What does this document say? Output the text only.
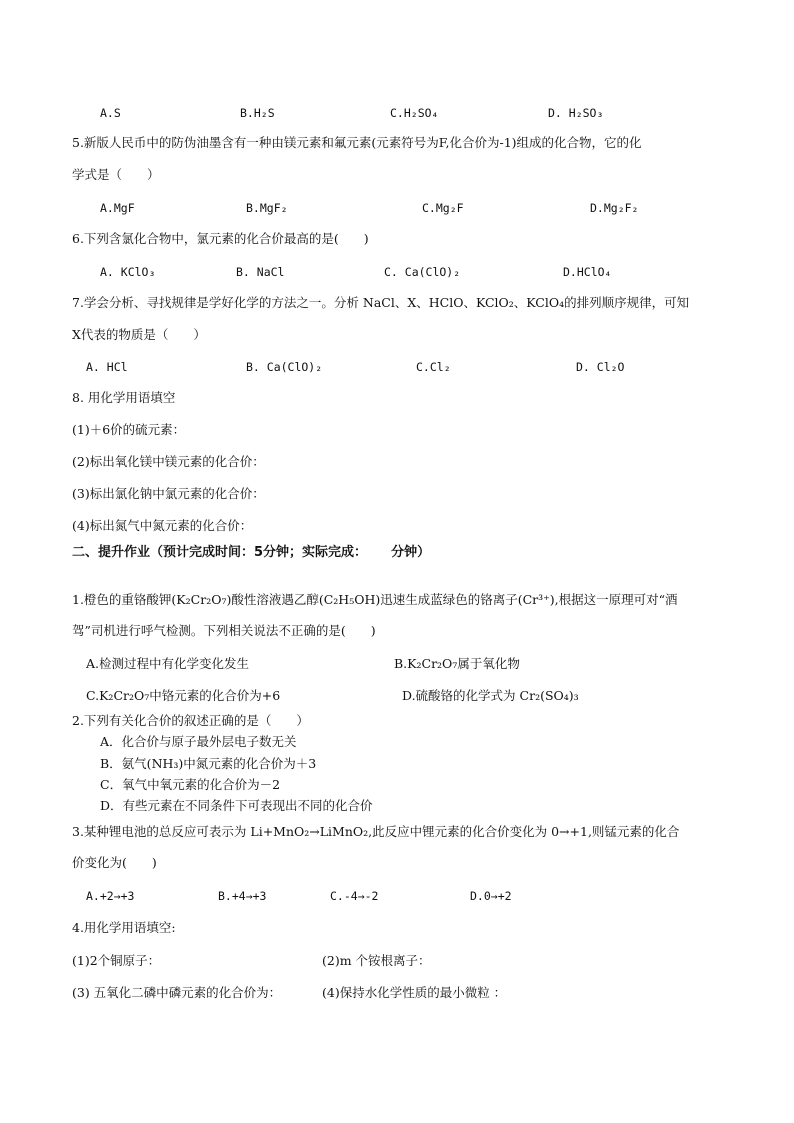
A.S	B.H₂S	C.H₂SO₄	D. H₂SO₃
5.新版人民币中的防伪油墨含有一种由镁元素和氟元素(元素符号为F,化合价为-1)组成的化合物，它的化
学式是（　　）
A.MgF	B.MgF₂	C.Mg₂F	D.Mg₂F₂
6.下列含氯化合物中，氯元素的化合价最高的是(　　)
A. KClO₃	B. NaCl	C. Ca(ClO)₂	D.HClO₄
7.学会分析、寻找规律是学好化学的方法之一。分析 NaCl、X、HClO、KClO₂、KClO₄的排列顺序规律，可知
X代表的物质是（　　）
A. HCl	B. Ca(ClO)₂	C.Cl₂	D. Cl₂O
8. 用化学用语填空
(1)＋6价的硫元素：
(2)标出氧化镁中镁元素的化合价：
(3)标出氯化钠中氯元素的化合价：
(4)标出氮气中氮元素的化合价：
二、提升作业（预计完成时间：5分钟；实际完成：　　 分钟）
1.橙色的重铬酸钾(K₂Cr₂O₇)酸性溶液遇乙醇(C₂H₅OH)迅速生成蓝绿色的铬离子(Cr³⁺),根据这一原理可对“酒
驾”司机进行呼气检测。下列相关说法不正确的是(　　)
A.检测过程中有化学变化发生	B.K₂Cr₂O₇属于氧化物
C.K₂Cr₂O₇中铬元素的化合价为+6	D.硫酸铬的化学式为 Cr₂(SO₄)₃
2.下列有关化合价的叙述正确的是（　　）
A．化合价与原子最外层电子数无关
B．氨气(NH₃)中氮元素的化合价为＋3
C．氧气中氧元素的化合价为－2
D．有些元素在不同条件下可表现出不同的化合价
3.某种锂电池的总反应可表示为 Li+MnO₂→LiMnO₂,此反应中锂元素的化合价变化为 0→+1,则锰元素的化合
价变化为(　　)
A.+2→+3	B.+4→+3	C.-4→-2	D.0→+2
4.用化学用语填空:
(1)2个铜原子：	(2)m 个铵根离子：
(3) 五氧化二磷中磷元素的化合价为：	(4)保持水化学性质的最小微粒 ：
